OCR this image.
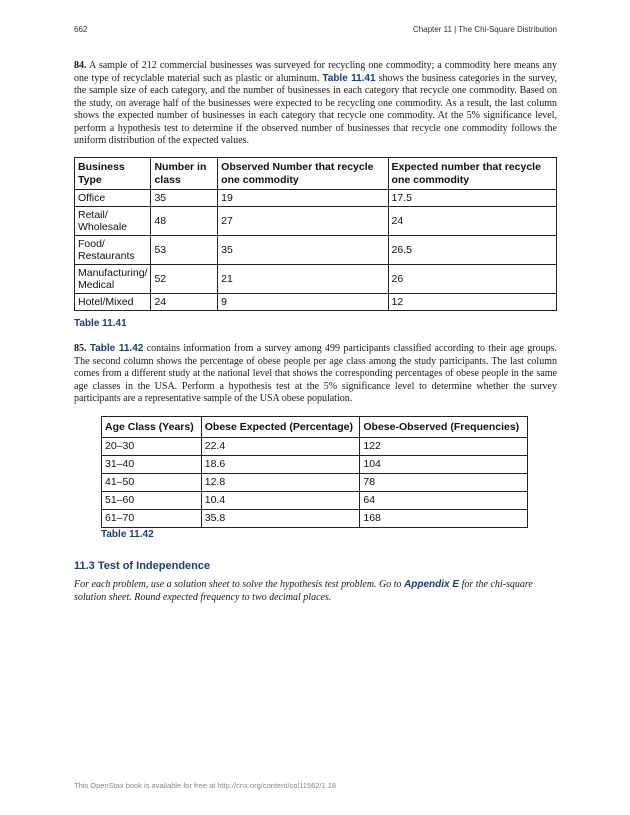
662	Chapter 11 | The Chi-Square Distribution

84. A sample of 212 commercial businesses was surveyed for recycling one commodity; a commodity here means any one type of recyclable material such as plastic or aluminum. Table 11.41 shows the business categories in the survey, the sample size of each category, and the number of businesses in each category that recycle one commodity. Based on the study, on average half of the businesses were expected to be recycling one commodity. As a result, the last column shows the expected number of businesses in each category that recycle one commodity. At the 5% significance level, perform a hypothesis test to determine if the observed number of businesses that recycle one commodity follows the uniform distribution of the expected values.

Business Type	Number in class	Observed Number that recycle one commodity	Expected number that recycle one commodity
Office	35	19	17.5
Retail/ Wholesale	48	27	24
Food/ Restaurants	53	35	26.5
Manufacturing/ Medical	52	21	26
Hotel/Mixed	24	9	12
Table 11.41

85. Table 11.42 contains information from a survey among 499 participants classified according to their age groups. The second column shows the percentage of obese people per age class among the study participants. The last column comes from a different study at the national level that shows the corresponding percentages of obese people in the same age classes in the USA. Perform a hypothesis test at the 5% significance level to determine whether the survey participants are a representative sample of the USA obese population.

Age Class (Years)	Obese Expected (Percentage)	Obese-Observed (Frequencies)
20–30	22.4	122
31–40	18.6	104
41–50	12.8	78
51–60	10.4	64
61–70	35.8	168
Table 11.42
11.3 Test of Independence

For each problem, use a solution sheet to solve the hypothesis test problem. Go to Appendix E for the chi-square solution sheet. Round expected frequency to two decimal places.

This OpenStax book is available for free at http://cnx.org/content/col11562/1.18
